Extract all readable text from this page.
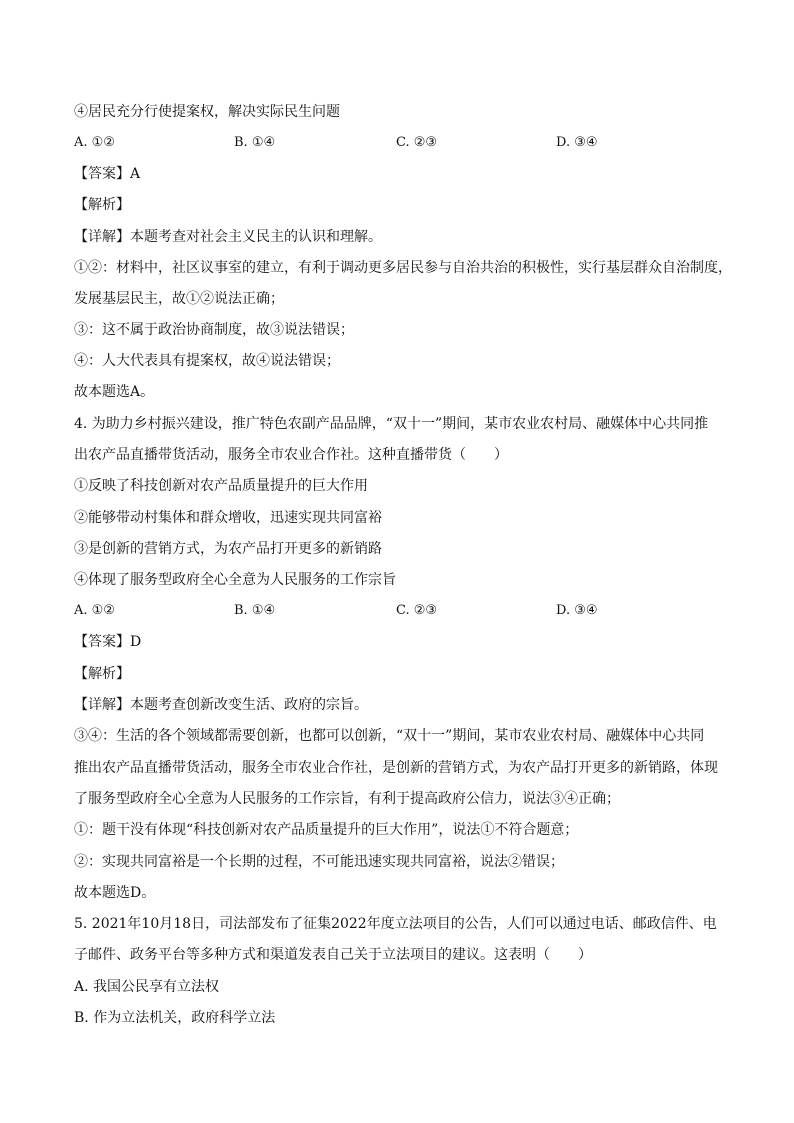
④居民充分行使提案权，解决实际民生问题
A. ①②	B. ①④	C. ②③	D. ③④
【答案】A
【解析】
【详解】本题考查对社会主义民主的认识和理解。
①②：材料中，社区议事室的建立，有利于调动更多居民参与自治共治的积极性，实行基层群众自治制度，
发展基层民主，故①②说法正确；
③：这不属于政治协商制度，故③说法错误；
④：人大代表具有提案权，故④说法错误；
故本题选A。
4. 为助力乡村振兴建设，推广特色农副产品品牌，“双十一”期间，某市农业农村局、融媒体中心共同推
出农产品直播带货活动，服务全市农业合作社。这种直播带货（　　）
①反映了科技创新对农产品质量提升的巨大作用
②能够带动村集体和群众增收，迅速实现共同富裕
③是创新的营销方式，为农产品打开更多的新销路
④体现了服务型政府全心全意为人民服务的工作宗旨
A. ①②	B. ①④	C. ②③	D. ③④
【答案】D
【解析】
【详解】本题考查创新改变生活、政府的宗旨。
③④：生活的各个领域都需要创新，也都可以创新，“双十一”期间，某市农业农村局、融媒体中心共同
推出农产品直播带货活动，服务全市农业合作社，是创新的营销方式，为农产品打开更多的新销路，体现
了服务型政府全心全意为人民服务的工作宗旨，有利于提高政府公信力，说法③④正确；
①：题干没有体现“科技创新对农产品质量提升的巨大作用”，说法①不符合题意；
②：实现共同富裕是一个长期的过程，不可能迅速实现共同富裕，说法②错误；
故本题选D。
5. 2021年10月18日，司法部发布了征集2022年度立法项目的公告，人们可以通过电话、邮政信件、电
子邮件、政务平台等多种方式和渠道发表自己关于立法项目的建议。这表明（　　）
A. 我国公民享有立法权
B. 作为立法机关，政府科学立法
